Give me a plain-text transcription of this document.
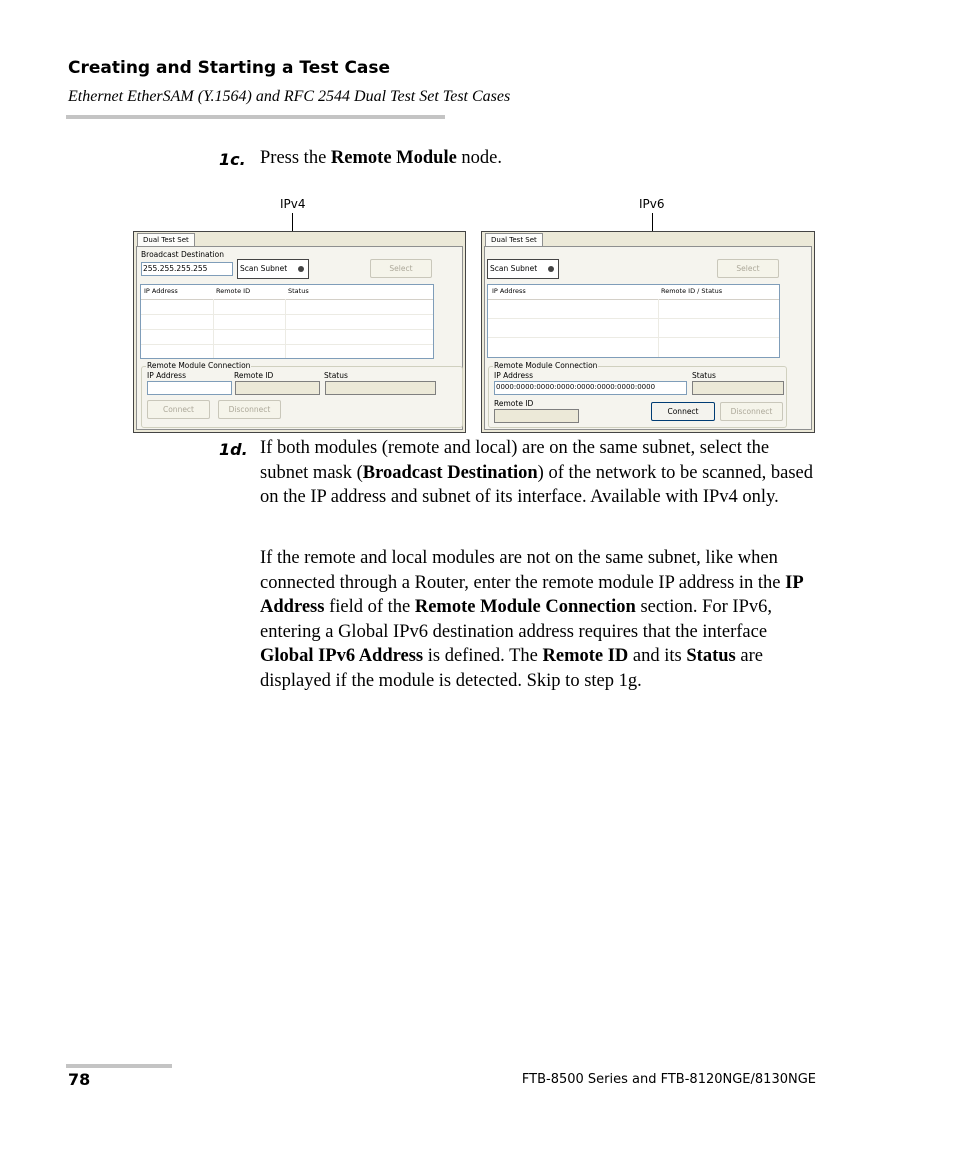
Creating and Starting a Test Case
Ethernet EtherSAM (Y.1564) and RFC 2544 Dual Test Set Test Cases
1c. Press the Remote Module node.
IPv4	IPv6
Dual Test Set
Broadcast Destination
255.255.255.255	Scan Subnet	Select
IP Address	Remote ID	Status
Remote Module Connection
IP Address	Remote ID	Status
Connect	Disconnect
Dual Test Set
Scan Subnet	Select
IP Address	Remote ID / Status
Remote Module Connection
IP Address	Status
0000:0000:0000:0000:0000:0000:0000:0000
Remote ID
Connect	Disconnect
1d. If both modules (remote and local) are on the same subnet, select the subnet mask (Broadcast Destination) of the network to be scanned, based on the IP address and subnet of its interface. Available with IPv4 only.
If the remote and local modules are not on the same subnet, like when connected through a Router, enter the remote module IP address in the IP Address field of the Remote Module Connection section. For IPv6, entering a Global IPv6 destination address requires that the interface Global IPv6 Address is defined. The Remote ID and its Status are displayed if the module is detected. Skip to step 1g.
78	FTB-8500 Series and FTB-8120NGE/8130NGE
